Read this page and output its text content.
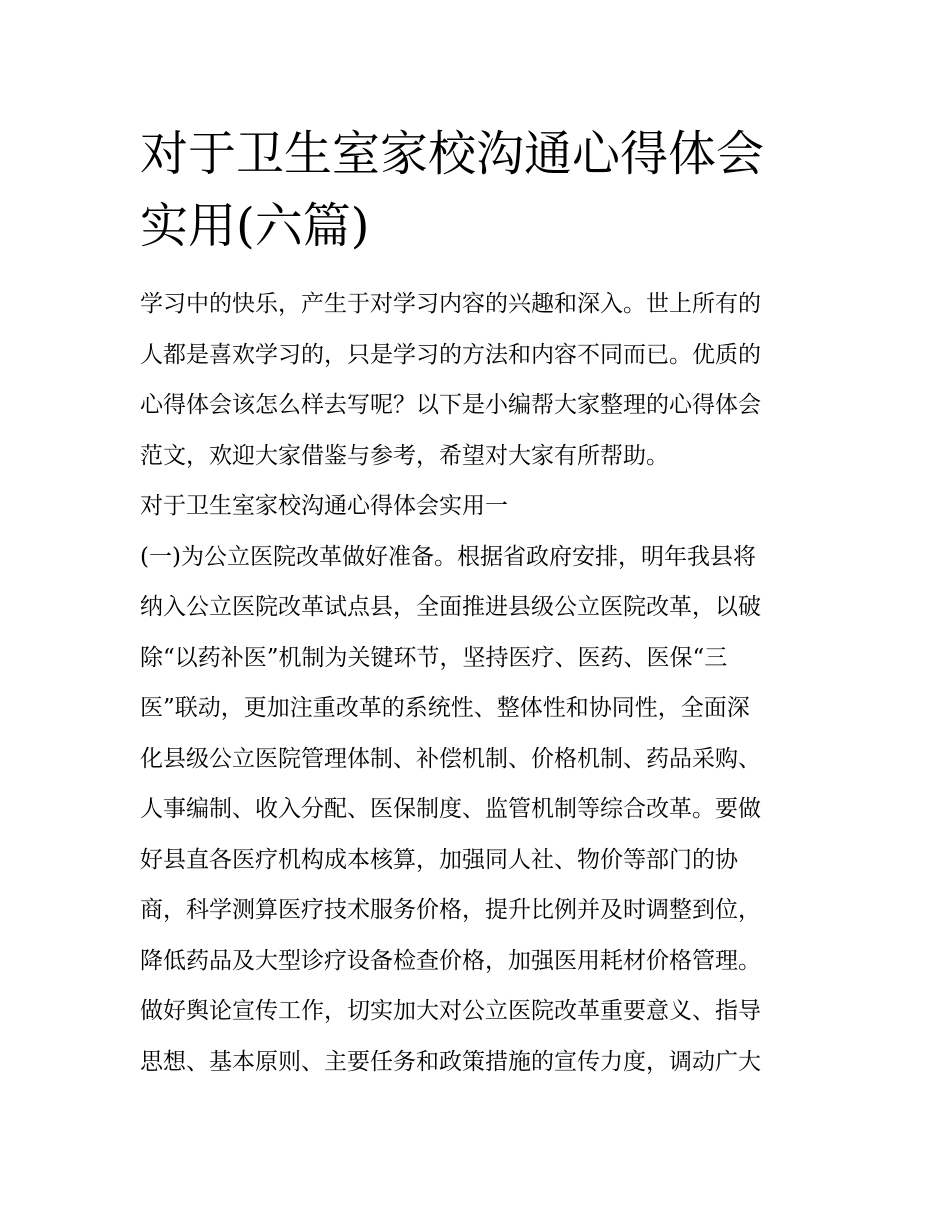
对于卫生室家校沟通心得体会
实用(六篇)
学习中的快乐，产生于对学习内容的兴趣和深入。世上所有的
人都是喜欢学习的，只是学习的方法和内容不同而已。优质的
心得体会该怎么样去写呢？以下是小编帮大家整理的心得体会
范文，欢迎大家借鉴与参考，希望对大家有所帮助。
对于卫生室家校沟通心得体会实用一
(一)为公立医院改革做好准备。根据省政府安排，明年我县将
纳入公立医院改革试点县，全面推进县级公立医院改革，以破
除“以药补医”机制为关键环节，坚持医疗、医药、医保“三
医”联动，更加注重改革的系统性、整体性和协同性，全面深
化县级公立医院管理体制、补偿机制、价格机制、药品采购、
人事编制、收入分配、医保制度、监管机制等综合改革。要做
好县直各医疗机构成本核算，加强同人社、物价等部门的协
商，科学测算医疗技术服务价格，提升比例并及时调整到位，
降低药品及大型诊疗设备检查价格，加强医用耗材价格管理。
做好舆论宣传工作，切实加大对公立医院改革重要意义、指导
思想、基本原则、主要任务和政策措施的宣传力度，调动广大
